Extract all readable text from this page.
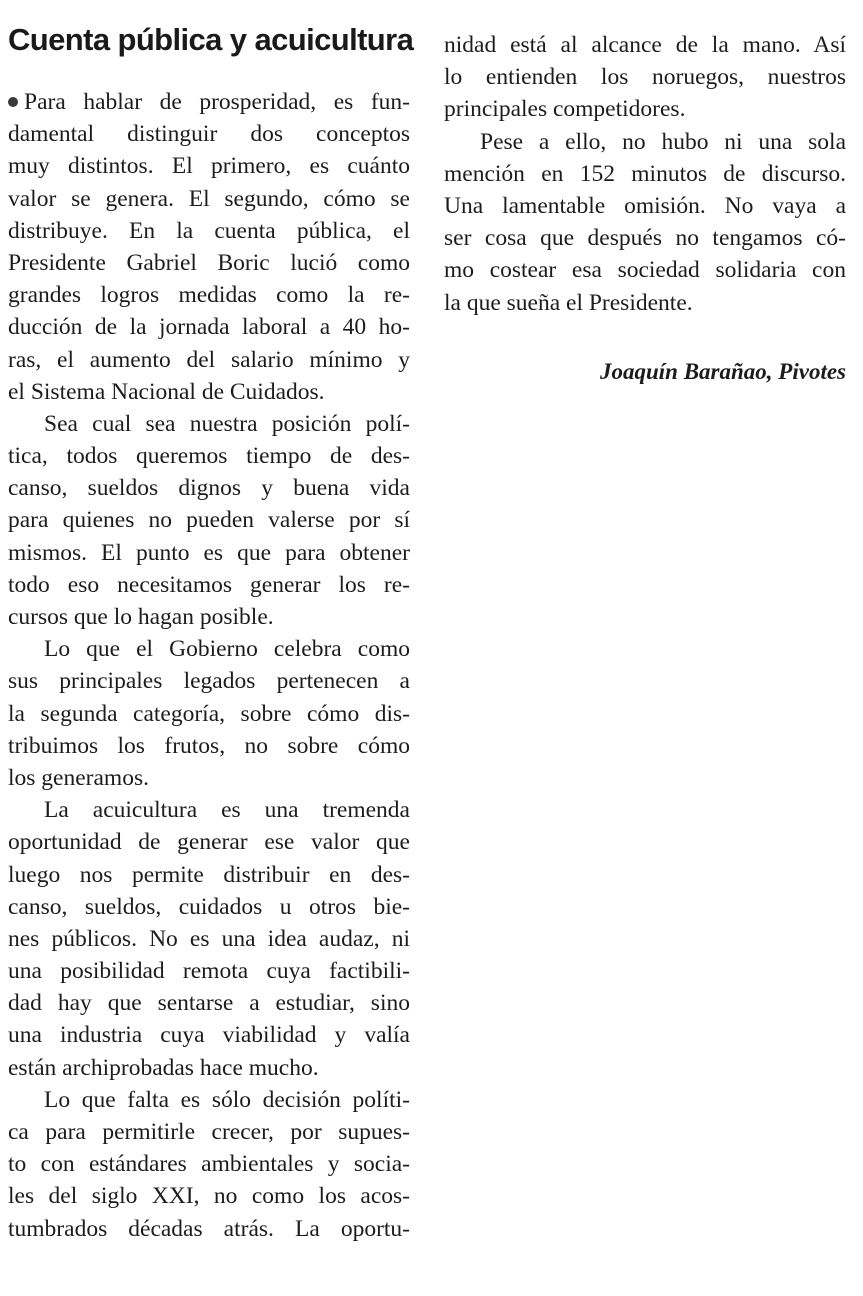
Cuenta pública y acuicultura
Para hablar de prosperidad, es fun-
damental distinguir dos conceptos
muy distintos. El primero, es cuánto
valor se genera. El segundo, cómo se
distribuye. En la cuenta pública, el
Presidente Gabriel Boric lució como
grandes logros medidas como la re-
ducción de la jornada laboral a 40 ho-
ras, el aumento del salario mínimo y
el Sistema Nacional de Cuidados.
Sea cual sea nuestra posición polí-
tica, todos queremos tiempo de des-
canso, sueldos dignos y buena vida
para quienes no pueden valerse por sí
mismos. El punto es que para obtener
todo eso necesitamos generar los re-
cursos que lo hagan posible.
Lo que el Gobierno celebra como
sus principales legados pertenecen a
la segunda categoría, sobre cómo dis-
tribuimos los frutos, no sobre cómo
los generamos.
La acuicultura es una tremenda
oportunidad de generar ese valor que
luego nos permite distribuir en des-
canso, sueldos, cuidados u otros bie-
nes públicos. No es una idea audaz, ni
una posibilidad remota cuya factibili-
dad hay que sentarse a estudiar, sino
una industria cuya viabilidad y valía
están archiprobadas hace mucho.
Lo que falta es sólo decisión políti-
ca para permitirle crecer, por supues-
to con estándares ambientales y socia-
les del siglo XXI, no como los acos-
tumbrados décadas atrás. La oportu-
nidad está al alcance de la mano. Así
lo entienden los noruegos, nuestros
principales competidores.
Pese a ello, no hubo ni una sola
mención en 152 minutos de discurso.
Una lamentable omisión. No vaya a
ser cosa que después no tengamos có-
mo costear esa sociedad solidaria con
la que sueña el Presidente.
Joaquín Barañao, Pivotes
